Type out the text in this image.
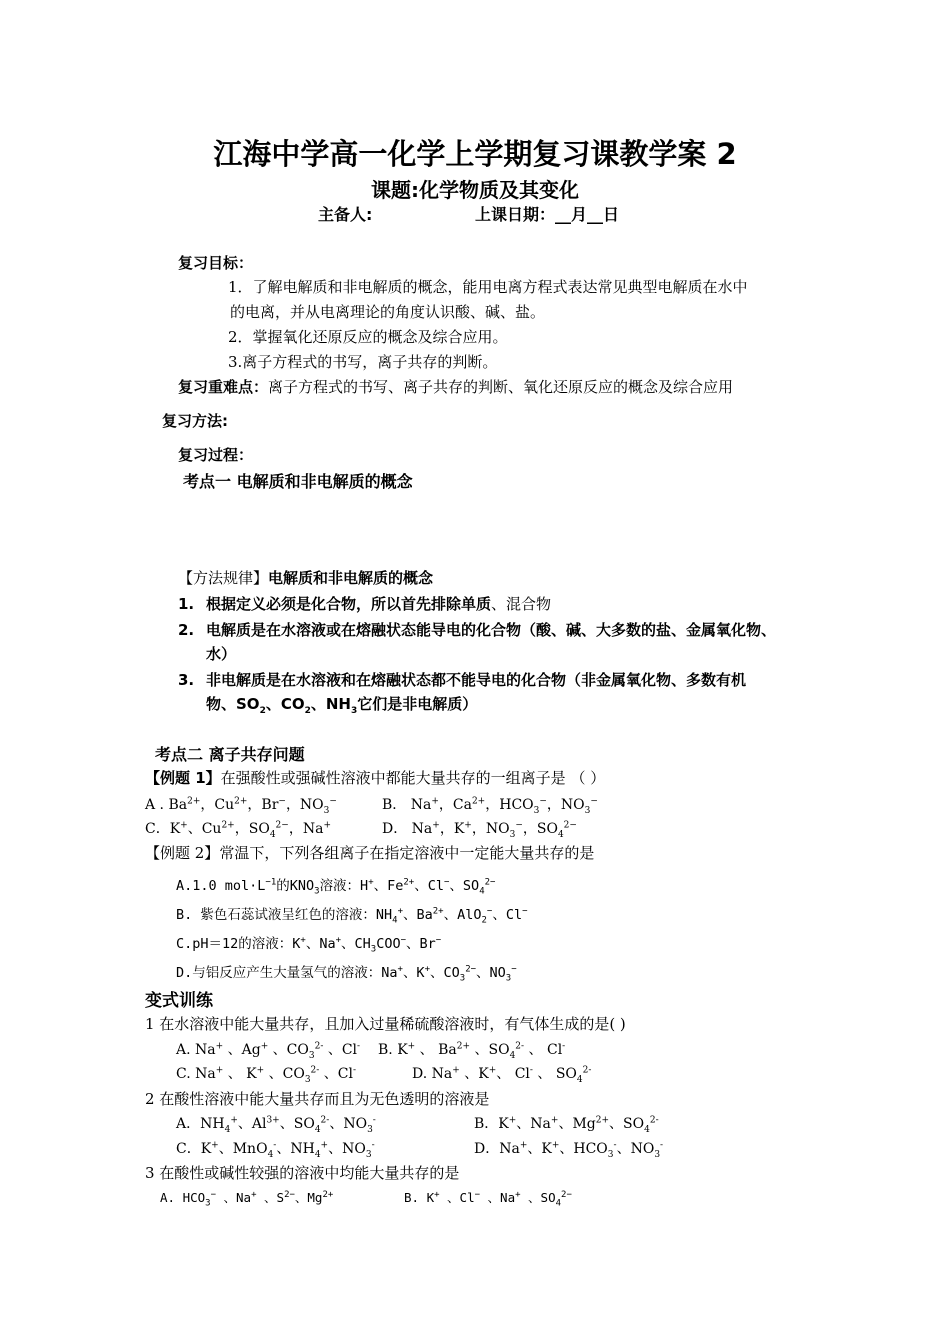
江海中学高一化学上学期复习课教学案 2
课题:化学物质及其变化
主备人:	上课日期：__月__日
复习目标：
1．了解电解质和非电解质的概念，能用电离方程式表达常见典型电解质在水中
的电离，并从电离理论的角度认识酸、碱、盐。
2．掌握氧化还原反应的概念及综合应用。
3.离子方程式的书写，离子共存的判断。
复习重难点：离子方程式的书写、离子共存的判断、氧化还原反应的概念及综合应用
复习方法:
复习过程：
考点一 电解质和非电解质的概念
【方法规律】电解质和非电解质的概念
1. 根据定义必须是化合物，所以首先排除单质、混合物
2. 电解质是在水溶液或在熔融状态能导电的化合物（酸、碱、大多数的盐、金属氧化物、
水）
3. 非电解质是在水溶液和在熔融状态都不能导电的化合物（非金属氧化物、多数有机
物、$SO_2$、$CO_2$、$NH_3$它们是非电解质）
考点二 离子共存问题
【例题 1】在强酸性或强碱性溶液中都能大量共存的一组离子是 （ ）
A . $Ba^{2+}$，$Cu^{2+}$，Br−，$NO_3^-$	B． Na+，$Ca^{2+}$，$HCO_3^-$，$NO_3^-$
C．K+、$Cu^{2+}$，$SO_4^{2-}$，Na+	D． Na+，K+，$NO_3^-$，$SO_4^{2-}$
【例题 2】常温下，下列各组离子在指定溶液中一定能大量共存的是
A.1.0 $mol\cdot L^{-1}$的$KNO_3$溶液：H+、$Fe^{2+}$、Cl−、$SO_4^{2-}$
B. 紫色石蕊试液呈红色的溶液：$NH_4^+$、$Ba^{2+}$、AlO$_2$−、Cl−
C.pH＝12的溶液：K+、Na+、$CH_3COO^-$、Br−
D.与铝反应产生大量氢气的溶液：Na+、K+、$CO_3^{2-}$、$NO_3^-$
变式训练
1 在水溶液中能大量共存，且加入过量稀硫酸溶液时，有气体生成的是( )
A. Na+ 、Ag+ 、$CO_3^{2-}$ 、Cl- B. K+ 、 $Ba^{2+}$ 、$SO_4^{2-}$ 、 Cl-
C. Na+ 、 K+ 、$CO_3^{2-}$ 、Cl-	D. Na+ 、K+、 Cl- 、 $SO_4^{2-}$
2 在酸性溶液中能大量共存而且为无色透明的溶液是
A．$NH_4^+$、$Al^{3+}$、$SO_4^{2-}$、$NO_3^-$	B．K+、Na+、$Mg^{2+}$、$SO_4^{2-}$
C．K+、MnO$_4$-、$NH_4^+$、$NO_3^-$	D．Na+、K+、$HCO_3^-$、$NO_3^-$
3 在酸性或碱性较强的溶液中均能大量共存的是
A. $HCO_3^-$ 、Na+ 、$S^{2-}$、$Mg^{2+}$	B. K+ 、Cl− 、Na+ 、$SO_4^{2-}$
